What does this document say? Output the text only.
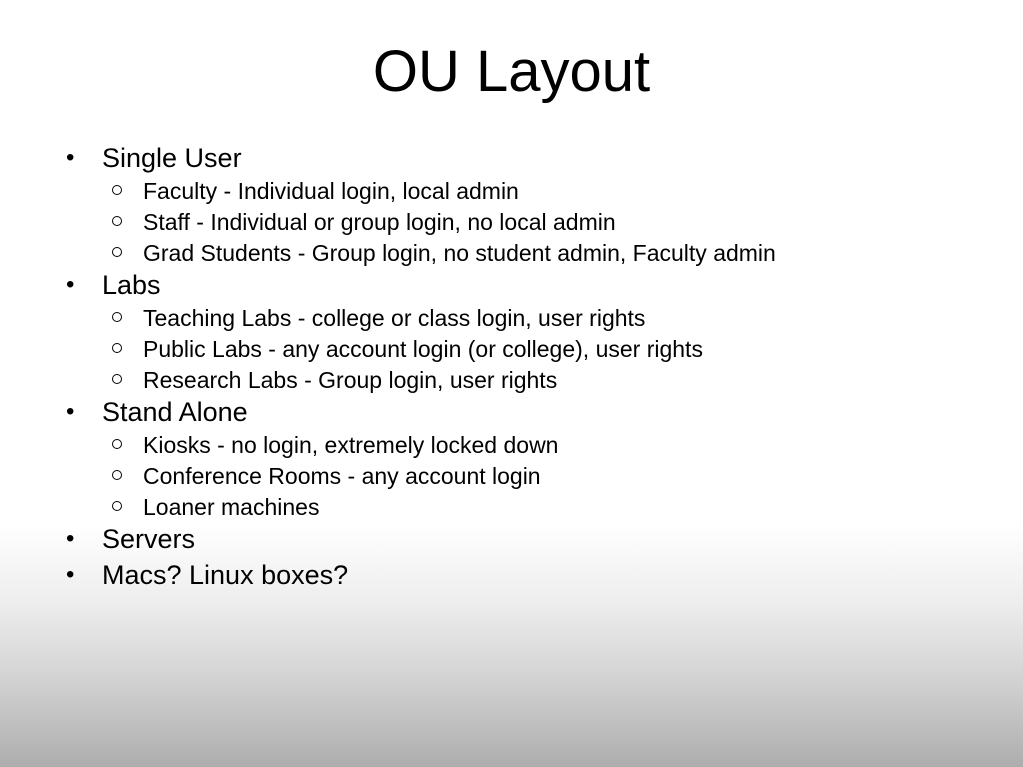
OU Layout
• Single User
Faculty - Individual login, local admin
Staff - Individual or group login, no local admin
Grad Students - Group login, no student admin, Faculty admin
• Labs
Teaching Labs - college or class login, user rights
Public Labs - any account login (or college), user rights
Research Labs - Group login, user rights
• Stand Alone
Kiosks - no login, extremely locked down
Conference Rooms - any account login
Loaner machines
• Servers
• Macs? Linux boxes?
